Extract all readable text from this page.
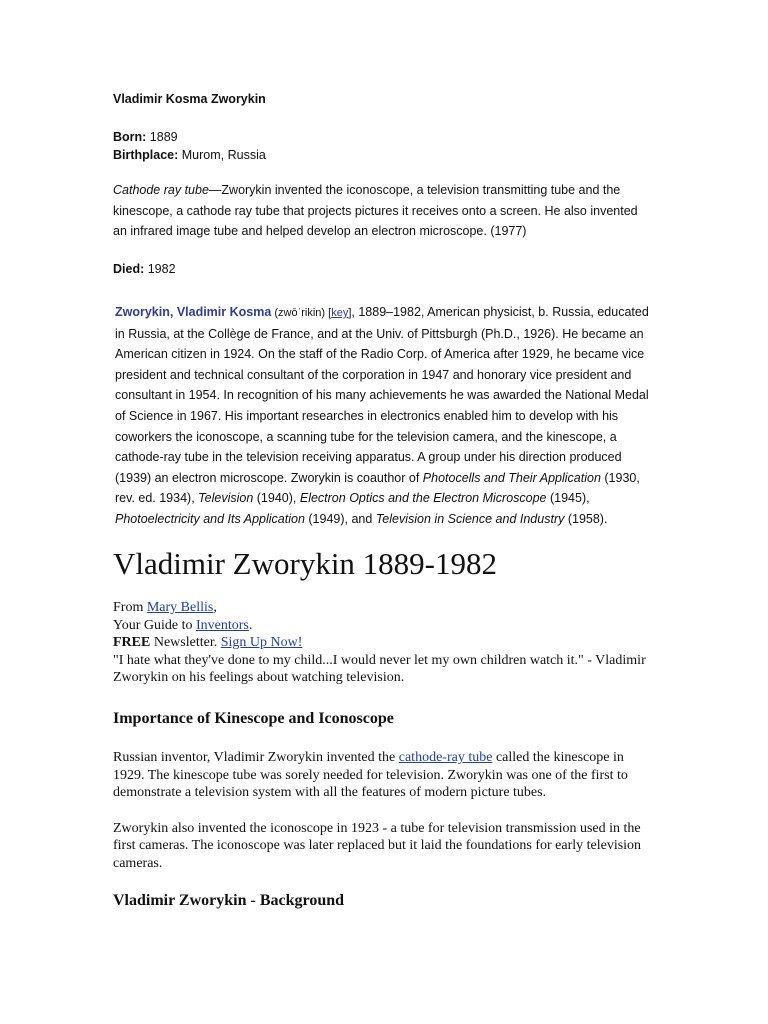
Vladimir Kosma Zworykin

Born: 1889

Birthplace: Murom, Russia

Cathode ray tube—Zworykin invented the iconoscope, a television transmitting tube and the kinescope, a cathode ray tube that projects pictures it receives onto a screen. He also invented an infrared image tube and helped develop an electron microscope. (1977)

Died: 1982

Zworykin, Vladimir Kosma (zwōˈrikin) [key], 1889–1982, American physicist, b. Russia, educated in Russia, at the Collège de France, and at the Univ. of Pittsburgh (Ph.D., 1926). He became an American citizen in 1924. On the staff of the Radio Corp. of America after 1929, he became vice president and technical consultant of the corporation in 1947 and honorary vice president and consultant in 1954. In recognition of his many achievements he was awarded the National Medal of Science in 1967. His important researches in electronics enabled him to develop with his coworkers the iconoscope, a scanning tube for the television camera, and the kinescope, a cathode-ray tube in the television receiving apparatus. A group under his direction produced (1939) an electron microscope. Zworykin is coauthor of Photocells and Their Application (1930, rev. ed. 1934), Television (1940), Electron Optics and the Electron Microscope (1945), Photoelectricity and Its Application (1949), and Television in Science and Industry (1958).
Vladimir Zworykin 1889-1982
From Mary Bellis,
Your Guide to Inventors.
FREE Newsletter. Sign Up Now!
"I hate what they've done to my child...I would never let my own children watch it." - Vladimir Zworykin on his feelings about watching television.
Importance of Kinescope and Iconoscope

Russian inventor, Vladimir Zworykin invented the cathode-ray tube called the kinescope in 1929. The kinescope tube was sorely needed for television. Zworykin was one of the first to demonstrate a television system with all the features of modern picture tubes.

Zworykin also invented the iconoscope in 1923 - a tube for television transmission used in the first cameras. The iconoscope was later replaced but it laid the foundations for early television cameras.

Vladimir Zworykin - Background
